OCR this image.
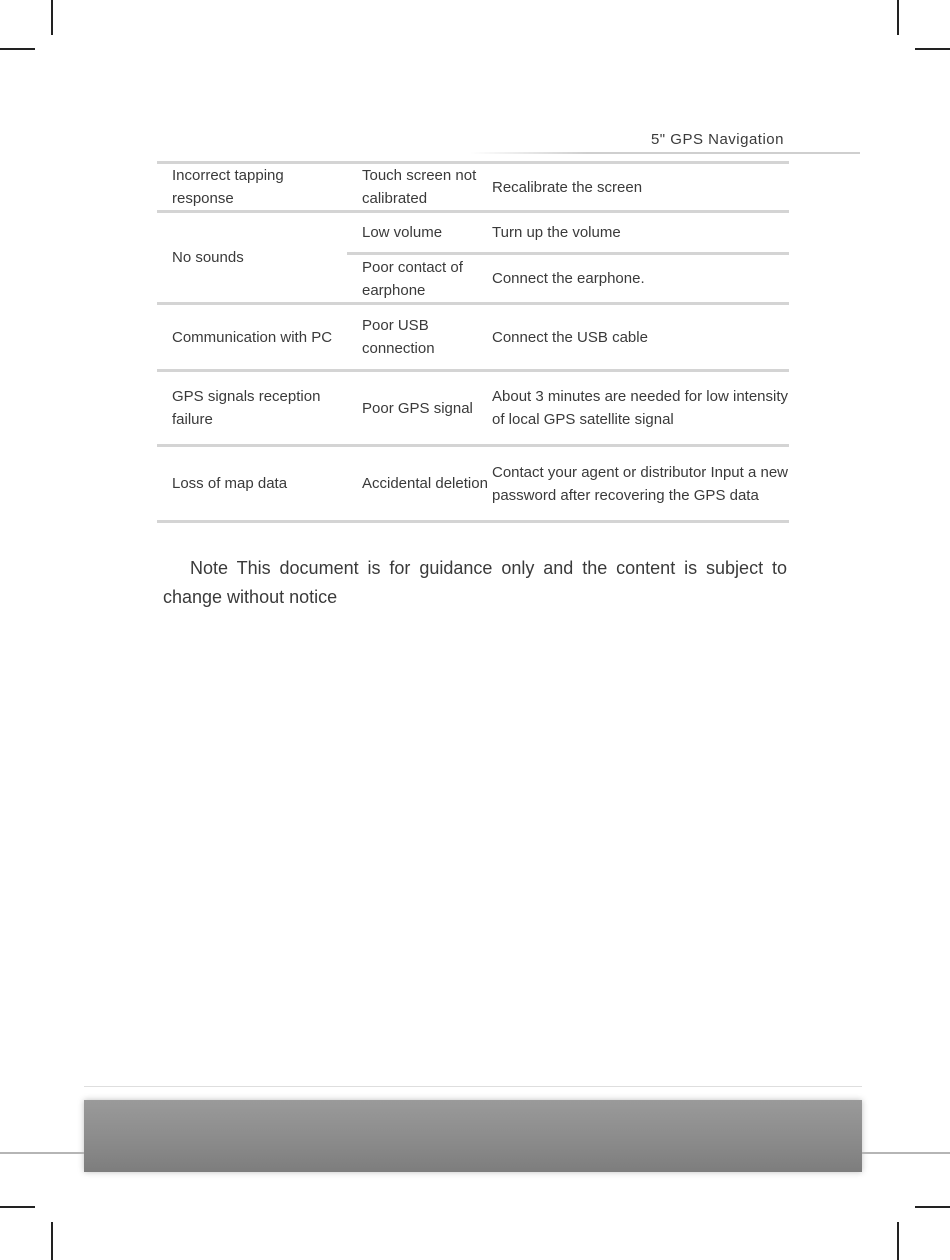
5" GPS Navigation
Incorrect tapping response
Touch screen not calibrated
Recalibrate the screen
No sounds
Low volume	Turn up the volume
Poor contact of earphone
Connect the earphone.
Communication with PC
Poor USB connection
Connect the USB cable
GPS signals reception failure
Poor GPS signal
About 3 minutes are needed for low intensity of local GPS satellite signal
Loss of map data	Accidental deletion
Contact your agent or distributor Input a new password after recovering the GPS data
Note This document is for guidance only and the content is subject to change without notice
